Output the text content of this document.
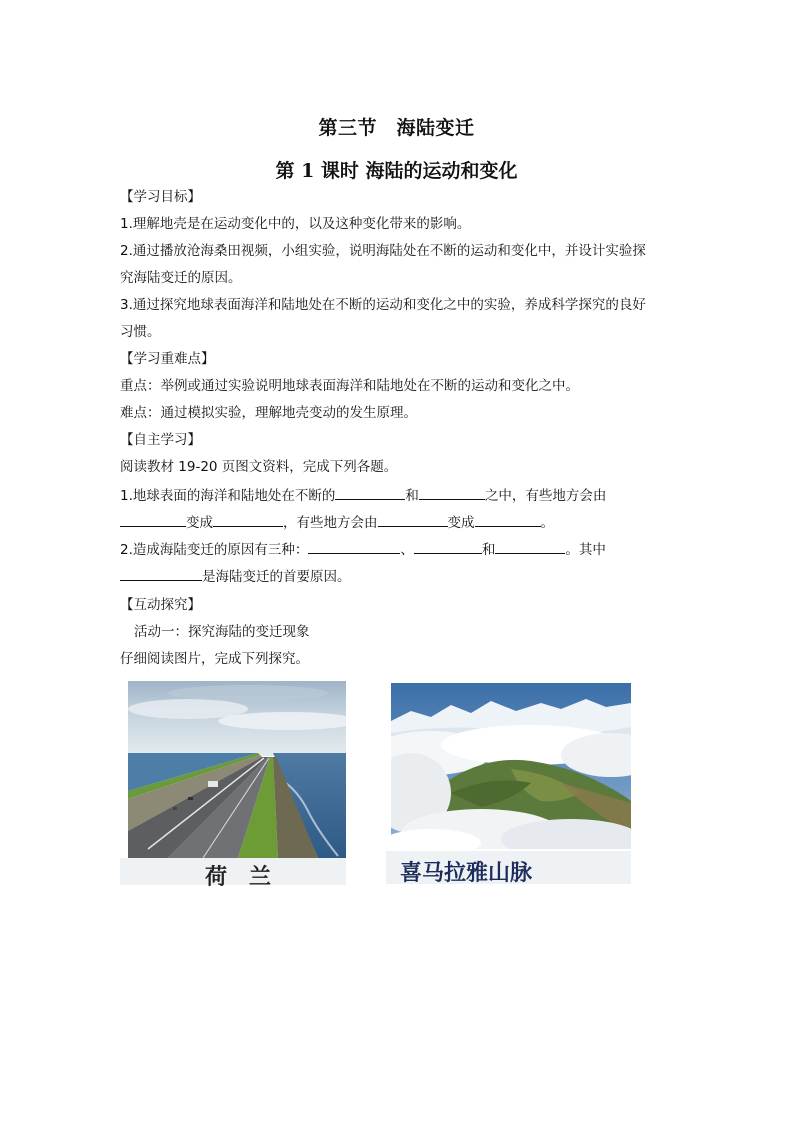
第三节　海陆变迁
第 1 课时 海陆的运动和变化
【学习目标】
1.理解地壳是在运动变化中的，以及这种变化带来的影响。
2.通过播放沧海桑田视频，小组实验，说明海陆处在不断的运动和变化中，并设计实验探
究海陆变迁的原因。
3.通过探究地球表面海洋和陆地处在不断的运动和变化之中的实验，养成科学探究的良好
习惯。
【学习重难点】
重点：举例或通过实验说明地球表面海洋和陆地处在不断的运动和变化之中。
难点：通过模拟实验，理解地壳变动的发生原理。
【自主学习】
阅读教材 19-20 页图文资料，完成下列各题。
1.地球表面的海洋和陆地处在不断的	和	之中，有些地方会由
变成	，有些地方会由	变成	。
2.造成海陆变迁的原因有三种：	、	和	。其中
是海陆变迁的首要原因。
【互动探究】
活动一：探究海陆的变迁现象
仔细阅读图片，完成下列探究。
荷　兰	喜马拉雅山脉
